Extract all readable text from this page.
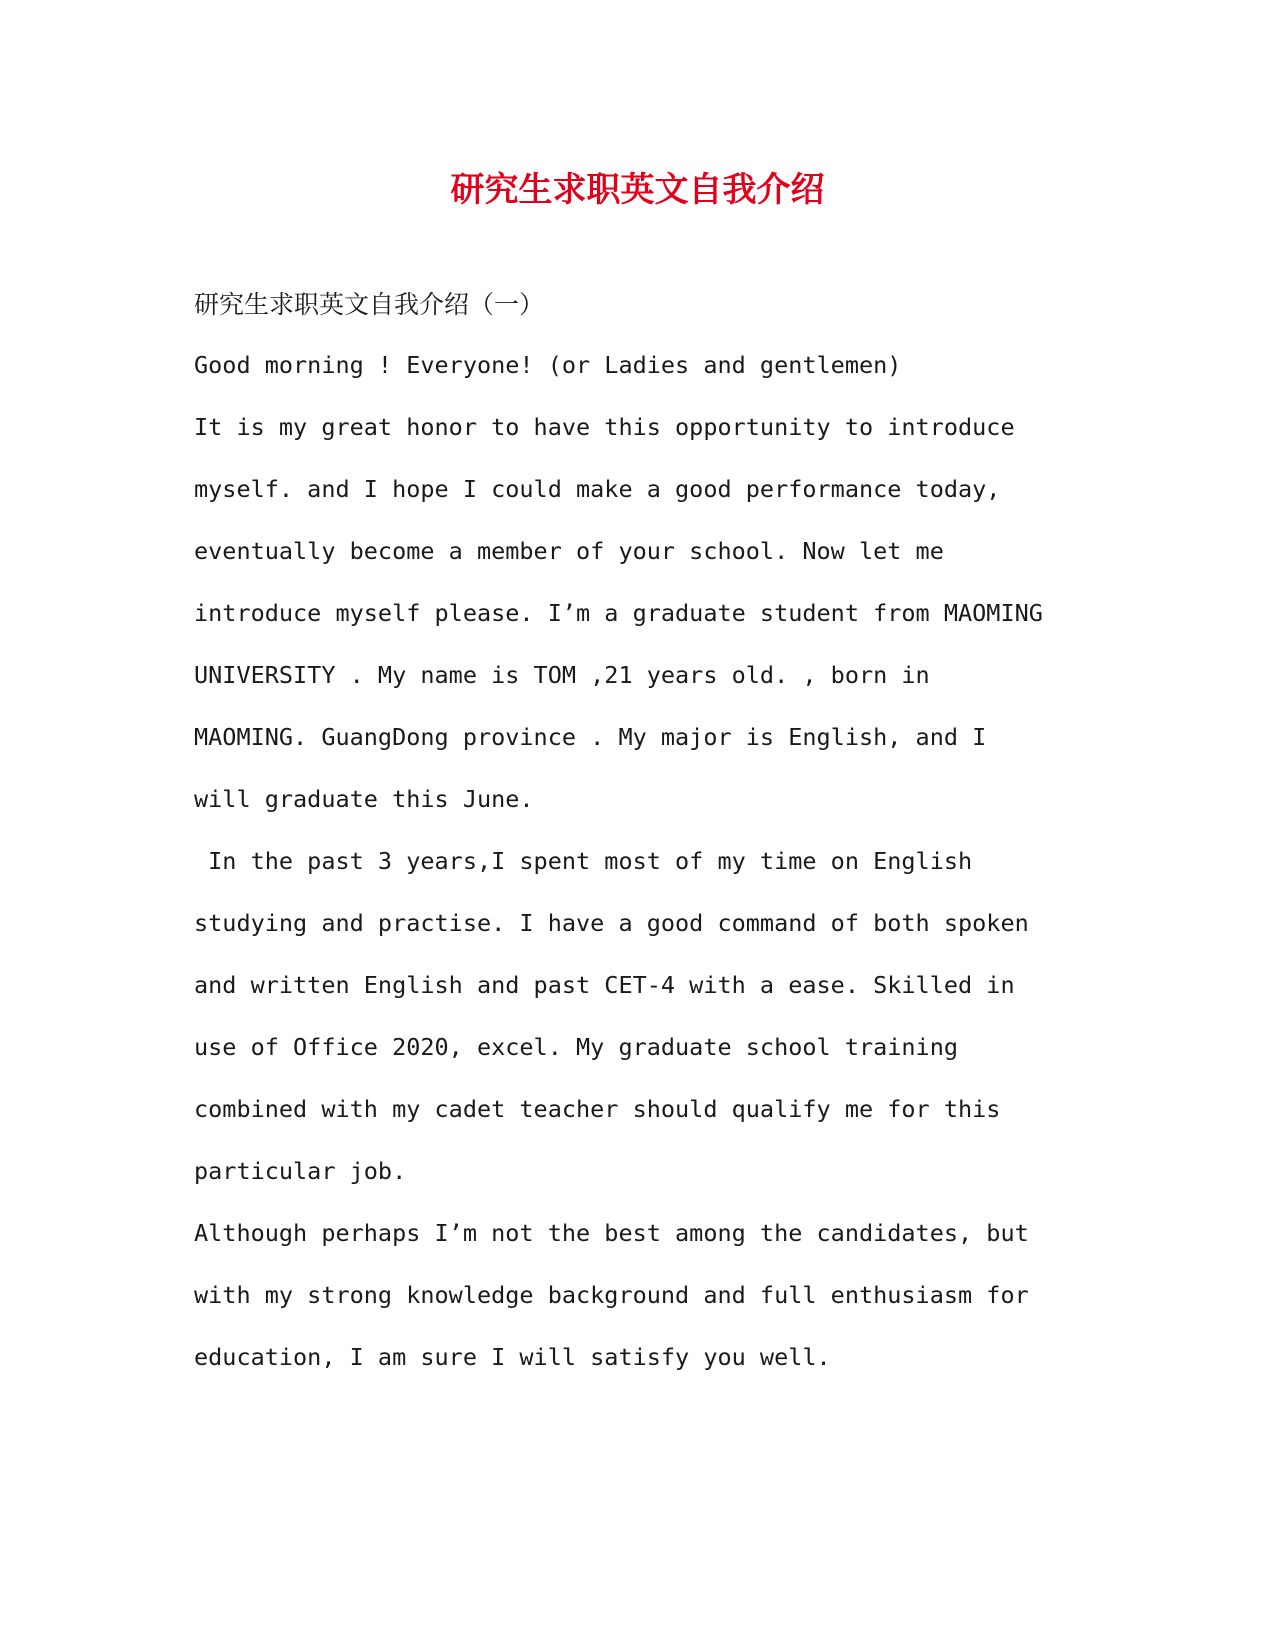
研究生求职英文自我介绍

研究生求职英文自我介绍（一）

Good morning ! Everyone! (or Ladies and gentlemen)

It is my great honor to have this opportunity to introduce

myself. and I hope I could make a good performance today,

eventually become a member of your school. Now let me

introduce myself please. I’m a graduate student from MAOMING

UNIVERSITY . My name is TOM ,21 years old. , born in

MAOMING. GuangDong province . My major is English, and I

will graduate this June.

In the past 3 years,I spent most of my time on English

studying and practise. I have a good command of both spoken

and written English and past CET-4 with a ease. Skilled in

use of Office 2020, excel. My graduate school training

combined with my cadet teacher should qualify me for this

particular job.

Although perhaps I’m not the best among the candidates, but

with my strong knowledge background and full enthusiasm for

education, I am sure I will satisfy you well.
